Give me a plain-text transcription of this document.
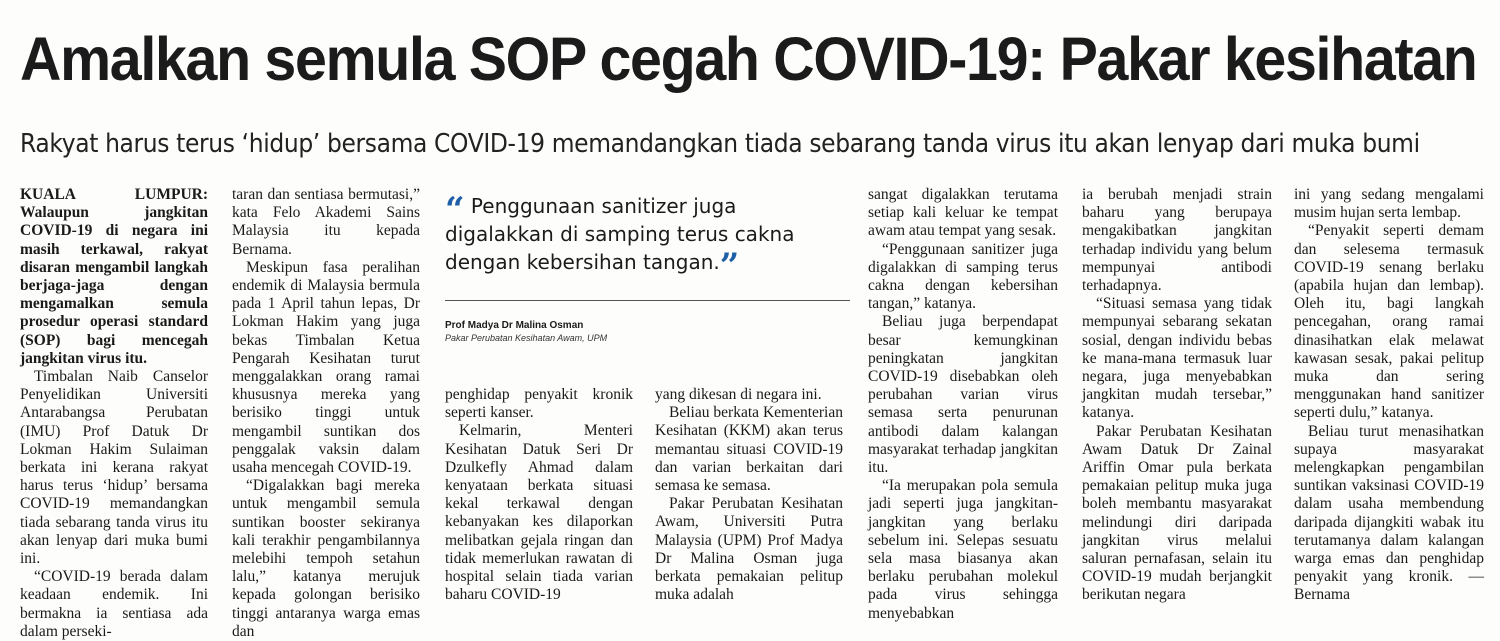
Amalkan semula SOP cegah COVID-19: Pakar kesihatan

Rakyat harus terus ‘hidup’ bersama COVID-19 memandangkan tiada sebarang tanda virus itu akan lenyap dari muka bumi

KUALA LUMPUR: Walaupun jangkitan COVID-19 di negara ini masih terkawal, rakyat disaran mengambil langkah berjaga-jaga dengan mengamalkan semula prosedur operasi standard (SOP) bagi mencegah jangkitan virus itu.

Timbalan Naib Canselor Penyelidikan Universiti Antarabangsa Perubatan (IMU) Prof Datuk Dr Lokman Hakim Sulaiman berkata ini kerana rakyat harus terus ‘hidup’ bersama COVID-19 memandangkan tiada sebarang tanda virus itu akan lenyap dari muka bumi ini.

“COVID-19 berada dalam keadaan endemik. Ini bermakna ia sentiasa ada dalam perseki-

taran dan sentiasa bermutasi,” kata Felo Akademi Sains Malaysia itu kepada Bernama.

Meskipun fasa peralihan endemik di Malaysia bermula pada 1 April tahun lepas, Dr Lokman Hakim yang juga bekas Timbalan Ketua Pengarah Kesihatan turut menggalakkan orang ramai khususnya mereka yang berisiko tinggi untuk mengambil suntikan dos penggalak vaksin dalam usaha mencegah COVID-19.

“Digalakkan bagi mereka untuk mengambil semula suntikan booster sekiranya kali terakhir pengambilannya melebihi tempoh setahun lalu,” katanya merujuk kepada golongan berisiko tinggi antaranya warga emas dan

“ Penggunaan sanitizer juga digalakkan di samping terus cakna dengan kebersihan tangan.”

Prof Madya Dr Malina Osman
Pakar Perubatan Kesihatan Awam, UPM

penghidap penyakit kronik seperti kanser.

Kelmarin, Menteri Kesihatan Datuk Seri Dr Dzulkefly Ahmad dalam kenyataan berkata situasi kekal terkawal dengan kebanyakan kes dilaporkan melibatkan gejala ringan dan tidak memerlukan rawatan di hospital selain tiada varian baharu COVID-19

yang dikesan di negara ini.

Beliau berkata Kementerian Kesihatan (KKM) akan terus memantau situasi COVID-19 dan varian berkaitan dari semasa ke semasa.

Pakar Perubatan Kesihatan Awam, Universiti Putra Malaysia (UPM) Prof Madya Dr Malina Osman juga berkata pemakaian pelitup muka adalah

sangat digalakkan terutama setiap kali keluar ke tempat awam atau tempat yang sesak.

“Penggunaan sanitizer juga digalakkan di samping terus cakna dengan kebersihan tangan,” katanya.

Beliau juga berpendapat besar kemungkinan peningkatan jangkitan COVID-19 disebabkan oleh perubahan varian virus semasa serta penurunan antibodi dalam kalangan masyarakat terhadap jangkitan itu.

“Ia merupakan pola semula jadi seperti juga jangkitan-jangkitan yang berlaku sebelum ini. Selepas sesuatu sela masa biasanya akan berlaku perubahan molekul pada virus sehingga menyebabkan

ia berubah menjadi strain baharu yang berupaya mengakibatkan jangkitan terhadap individu yang belum mempunyai antibodi terhadapnya.

“Situasi semasa yang tidak mempunyai sebarang sekatan sosial, dengan individu bebas ke mana-mana termasuk luar negara, juga menyebabkan jangkitan mudah tersebar,” katanya.

Pakar Perubatan Kesihatan Awam Datuk Dr Zainal Ariffin Omar pula berkata pemakaian pelitup muka juga boleh membantu masyarakat melindungi diri daripada jangkitan virus melalui saluran pernafasan, selain itu COVID-19 mudah berjangkit berikutan negara

ini yang sedang mengalami musim hujan serta lembap.

“Penyakit seperti demam dan selesema termasuk COVID-19 senang berlaku (apabila hujan dan lembap). Oleh itu, bagi langkah pencegahan, orang ramai dinasihatkan elak melawat kawasan sesak, pakai pelitup muka dan sering menggunakan hand sanitizer seperti dulu,” katanya.

Beliau turut menasihatkan supaya masyarakat melengkapkan pengambilan suntikan vaksinasi COVID-19 dalam usaha membendung daripada dijangkiti wabak itu terutamanya dalam kalangan warga emas dan penghidap penyakit yang kronik. — Bernama
